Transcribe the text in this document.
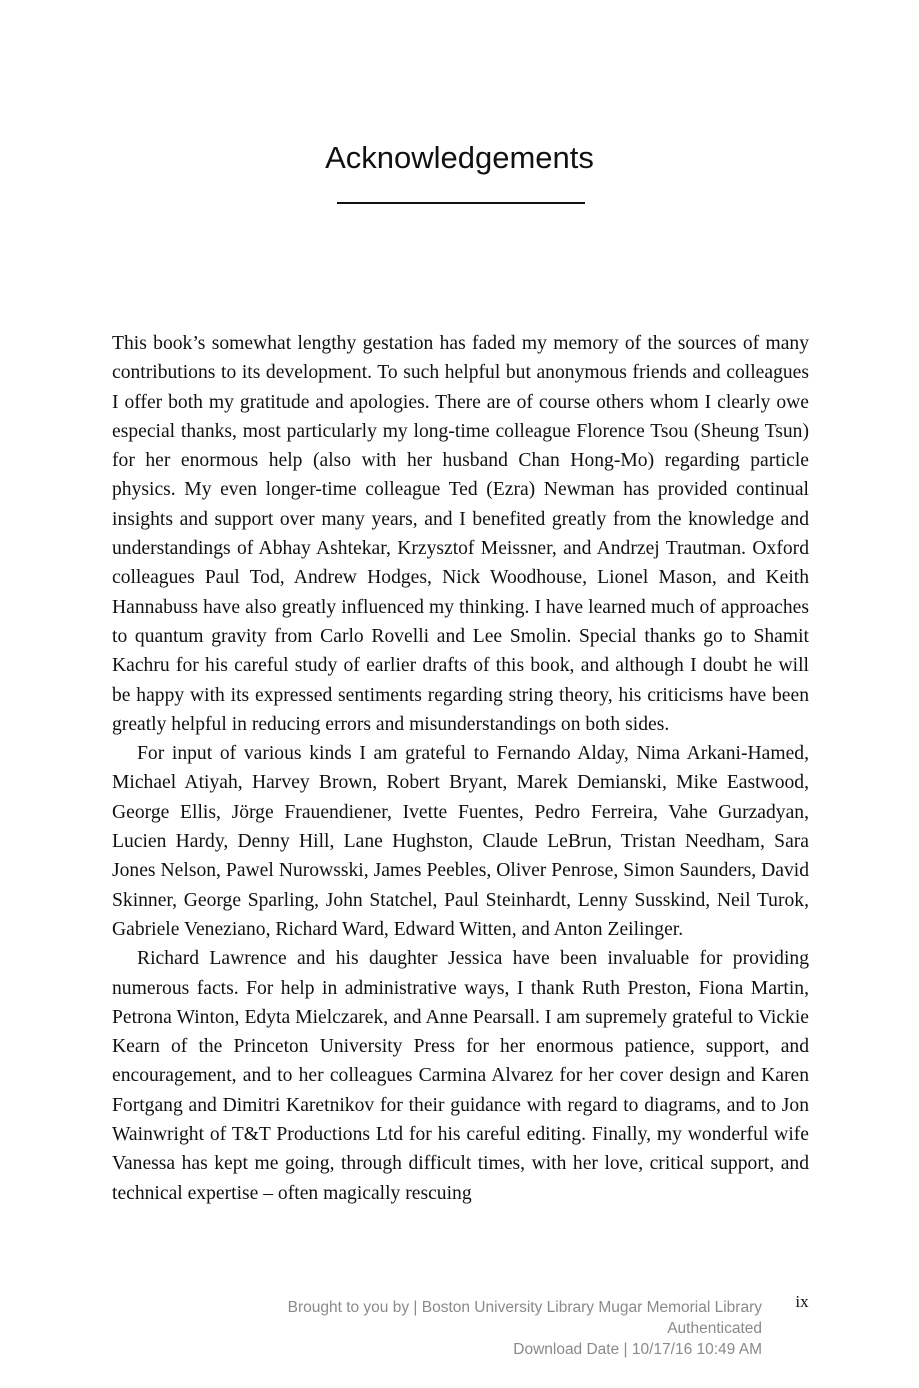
Acknowledgements

This book’s somewhat lengthy gestation has faded my memory of the sources of many contributions to its development. To such helpful but anonymous friends and colleagues I offer both my gratitude and apologies. There are of course others whom I clearly owe especial thanks, most particularly my long-time colleague Florence Tsou (Sheung Tsun) for her enormous help (also with her husband Chan Hong-Mo) regarding particle physics. My even longer-time colleague Ted (Ezra) Newman has provided continual insights and support over many years, and I benefited greatly from the knowledge and understandings of Abhay Ashtekar, Krzysztof Meissner, and Andrzej Trautman. Oxford colleagues Paul Tod, Andrew Hodges, Nick Woodhouse, Lionel Mason, and Keith Hannabuss have also greatly influenced my thinking. I have learned much of approaches to quantum gravity from Carlo Rovelli and Lee Smolin. Special thanks go to Shamit Kachru for his careful study of earlier drafts of this book, and although I doubt he will be happy with its expressed sentiments regarding string theory, his criticisms have been greatly helpful in reducing errors and misunderstandings on both sides.

For input of various kinds I am grateful to Fernando Alday, Nima Arkani-Hamed, Michael Atiyah, Harvey Brown, Robert Bryant, Marek Demianski, Mike Eastwood, George Ellis, Jörge Frauendiener, Ivette Fuentes, Pedro Ferreira, Vahe Gurzadyan, Lucien Hardy, Denny Hill, Lane Hughston, Claude LeBrun, Tristan Needham, Sara Jones Nelson, Pawel Nurowsski, James Peebles, Oliver Penrose, Simon Saunders, David Skinner, George Sparling, John Statchel, Paul Steinhardt, Lenny Susskind, Neil Turok, Gabriele Veneziano, Richard Ward, Edward Witten, and Anton Zeilinger.

Richard Lawrence and his daughter Jessica have been invaluable for providing numerous facts. For help in administrative ways, I thank Ruth Preston, Fiona Martin, Petrona Winton, Edyta Mielczarek, and Anne Pearsall. I am supremely grateful to Vickie Kearn of the Princeton University Press for her enormous patience, support, and encouragement, and to her colleagues Carmina Alvarez for her cover design and Karen Fortgang and Dimitri Karetnikov for their guidance with regard to diagrams, and to Jon Wainwright of T&T Productions Ltd for his careful editing. Finally, my wonderful wife Vanessa has kept me going, through difficult times, with her love, critical support, and technical expertise – often magically rescuing

ix
Brought to you by | Boston University Library Mugar Memorial Library
Authenticated
Download Date | 10/17/16 10:49 AM
